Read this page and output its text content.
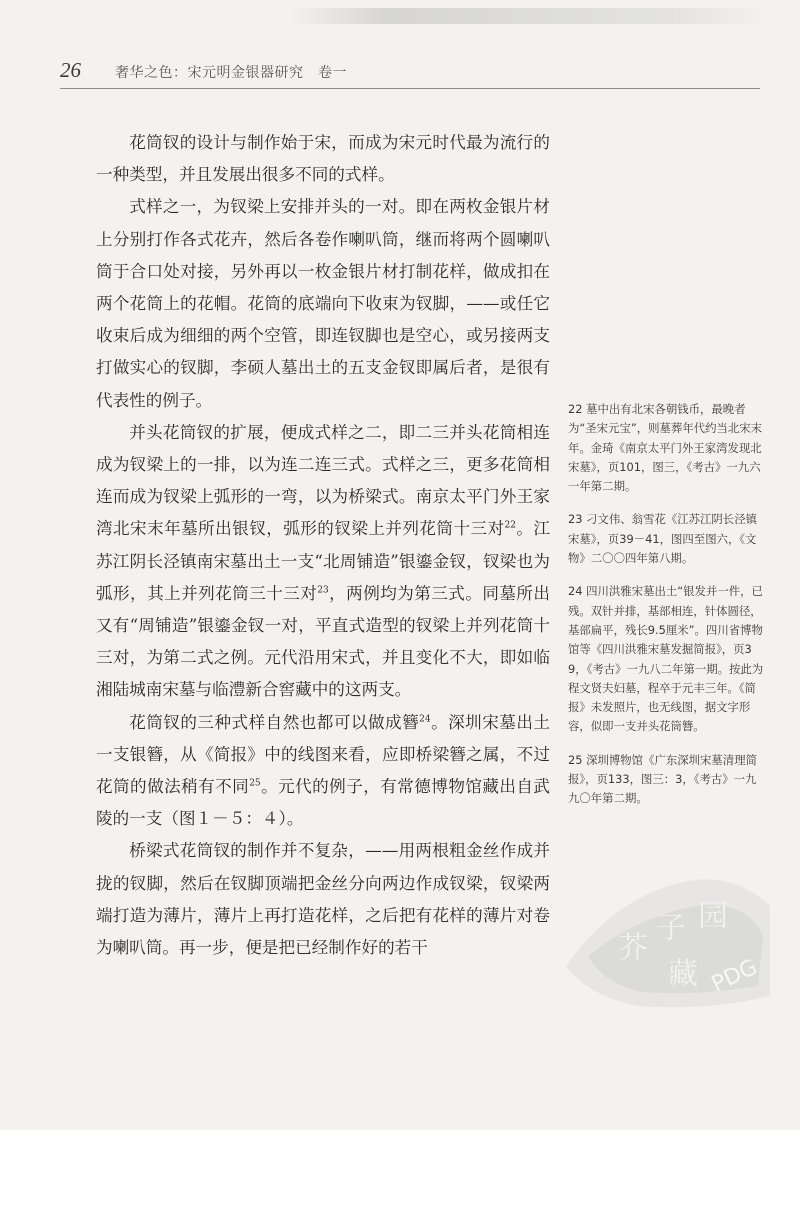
26 奢华之色：宋元明金银器研究　卷一

花筒钗的设计与制作始于宋，而成为宋元时代最为流行的一种类型，并且发展出很多不同的式样。

式样之一，为钗梁上安排并头的一对。即在两枚金银片材上分别打作各式花卉，然后各卷作喇叭筒，继而将两个圆喇叭筒于合口处对接，另外再以一枚金银片材打制花样，做成扣在两个花筒上的花帽。花筒的底端向下收束为钗脚，——或任它收束后成为细细的两个空管，即连钗脚也是空心，或另接两支打做实心的钗脚，李硕人墓出土的五支金钗即属后者，是很有代表性的例子。

并头花筒钗的扩展，便成式样之二，即二三并头花筒相连成为钗梁上的一排，以为连二连三式。式样之三，更多花筒相连而成为钗梁上弧形的一弯，以为桥梁式。南京太平门外王家湾北宋末年墓所出银钗，弧形的钗梁上并列花筒十三对$^{22}$。江苏江阴长泾镇南宋墓出土一支“北周铺造”银鎏金钗，钗梁也为弧形，其上并列花筒三十三对$^{23}$，两例均为第三式。同墓所出又有“周铺造”银鎏金钗一对，平直式造型的钗梁上并列花筒十三对，为第二式之例。元代沿用宋式，并且变化不大，即如临湘陆城南宋墓与临澧新合窖藏中的这两支。

花筒钗的三种式样自然也都可以做成簪$^{24}$。深圳宋墓出土一支银簪，从《简报》中的线图来看，应即桥梁簪之属，不过花筒的做法稍有不同$^{25}$。元代的例子，有常德博物馆藏出自武陵的一支（图１－５：４）。

桥梁式花筒钗的制作并不复杂，——用两根粗金丝作成并拢的钗脚，然后在钗脚顶端把金丝分向两边作成钗梁，钗梁两端打造为薄片，薄片上再打造花样，之后把有花样的薄片对卷为喇叭筒。再一步，便是把已经制作好的若干

22 墓中出有北宋各朝钱币，最晚者为“圣宋元宝”，则墓葬年代约当北宋末年。金琦《南京太平门外王家湾发现北宋墓》，页101，图三，《考古》一九六一年第二期。

23 刁文伟、翁雪花《江苏江阴长泾镇宋墓》，页39－41，图四至图六，《文物》二〇〇四年第八期。

24 四川洪雅宋墓出土“银发并一件，已残。双针并排，基部相连，针体圆径，基部扁平，残长9.5厘米”。四川省博物馆等《四川洪雅宋墓发掘简报》，页39，《考古》一九八二年第一期。按此为程文贤夫妇墓，程卒于元丰三年。《简报》未发照片，也无线图，据文字形容，似即一支并头花筒簪。

25 深圳博物馆《广东深圳宋墓清理简报》，页133，图三：3，《考古》一九九〇年第二期。

芥
子 园
藏 PDG
